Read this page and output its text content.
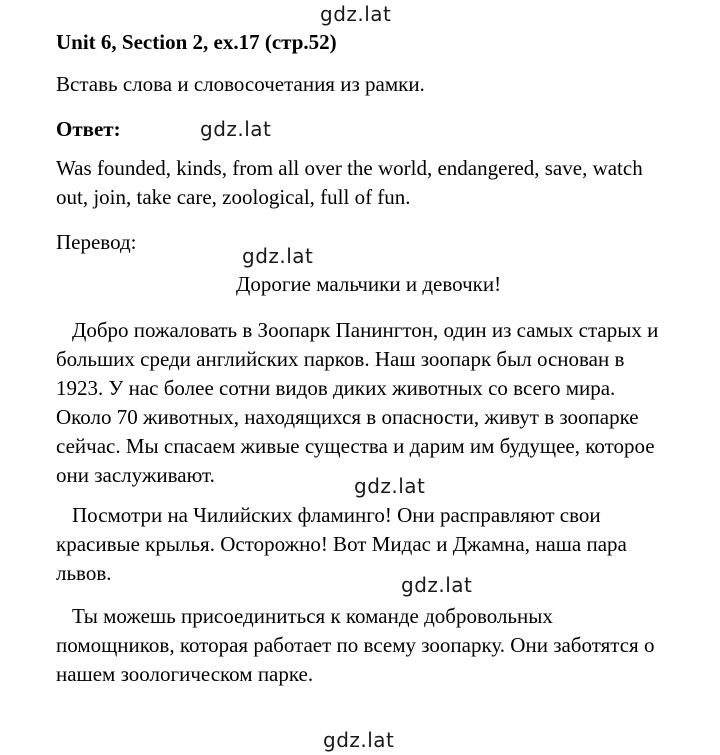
gdz.lat
gdz.lat
gdz.lat
gdz.lat
gdz.lat
gdz.lat
Unit 6, Section 2, ex.17 (стр.52)
Вставь слова и словосочетания из рамки.
Ответ:
Was founded, kinds, from all over the world, endangered, save, watch
out, join, take care, zoological, full of fun.
Перевод:
Дорогие мальчики и девочки!
Добро пожаловать в Зоопарк Панингтон, один из самых старых и
больших среди английских парков. Наш зоопарк был основан в
1923. У нас более сотни видов диких животных со всего мира.
Около 70 животных, находящихся в опасности, живут в зоопарке
сейчас. Мы спасаем живые существа и дарим им будущее, которое
они заслуживают.
Посмотри на Чилийских фламинго! Они расправляют свои
красивые крылья. Осторожно! Вот Мидас и Джамна, наша пара
львов.
Ты можешь присоединиться к команде добровольных
помощников, которая работает по всему зоопарку. Они заботятся о
нашем зоологическом парке.
